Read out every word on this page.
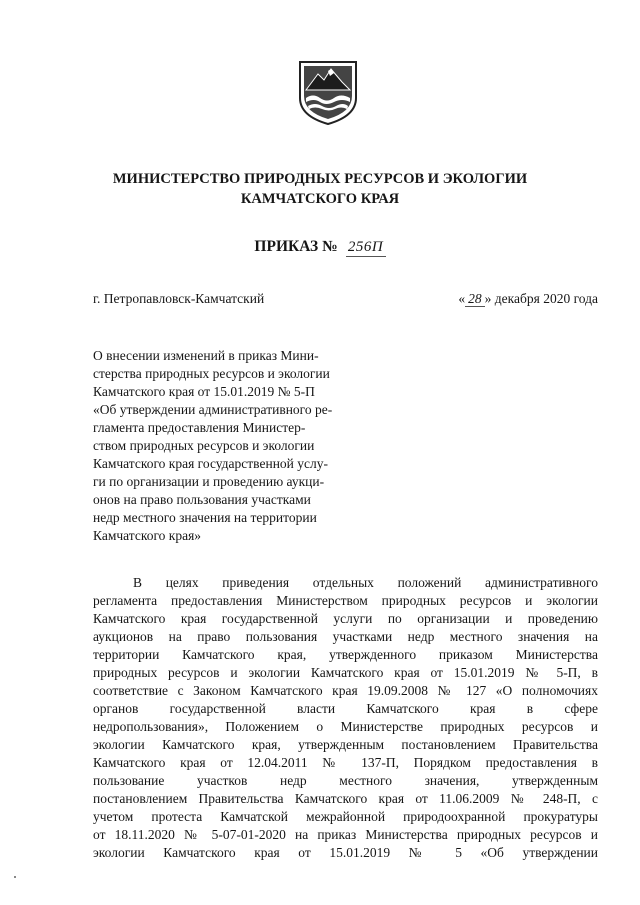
МИНИСТЕРСТВО ПРИРОДНЫХ РЕСУРСОВ И ЭКОЛОГИИ
КАМЧАТСКОГО КРАЯ
ПРИКАЗ № 256П
г. Петропавловск-Камчатский	« 28 » декабря 2020 года
О внесении изменений в приказ Мини-
стерства природных ресурсов и экологии
Камчатского края от 15.01.2019 № 5-П
«Об утверждении административного ре-
гламента предоставления Министер-
ством природных ресурсов и экологии
Камчатского края государственной услу-
ги по организации и проведению аукци-
онов на право пользования участками
недр местного значения на территории
Камчатского края»
В целях приведения отдельных положений административного
регламента предоставления Министерством природных ресурсов и экологии
Камчатского края государственной услуги по организации и проведению
аукционов на право пользования участками недр местного значения на
территории Камчатского края, утвержденного приказом Министерства
природных ресурсов и экологии Камчатского края от 15.01.2019 № 5-П, в
соответствие с Законом Камчатского края 19.09.2008 № 127 «О полномочиях
органов государственной власти Камчатского края в сфере
недропользования», Положением о Министерстве природных ресурсов и
экологии Камчатского края, утвержденным постановлением Правительства
Камчатского края от 12.04.2011 № 137-П, Порядком предоставления в
пользование участков недр местного значения, утвержденным
постановлением Правительства Камчатского края от 11.06.2009 № 248-П, с
учетом протеста Камчатской межрайонной природоохранной прокуратуры
от 18.11.2020 № 5-07-01-2020 на приказ Министерства природных ресурсов и
экологии Камчатского края от 15.01.2019 № 5 «Об утверждении
